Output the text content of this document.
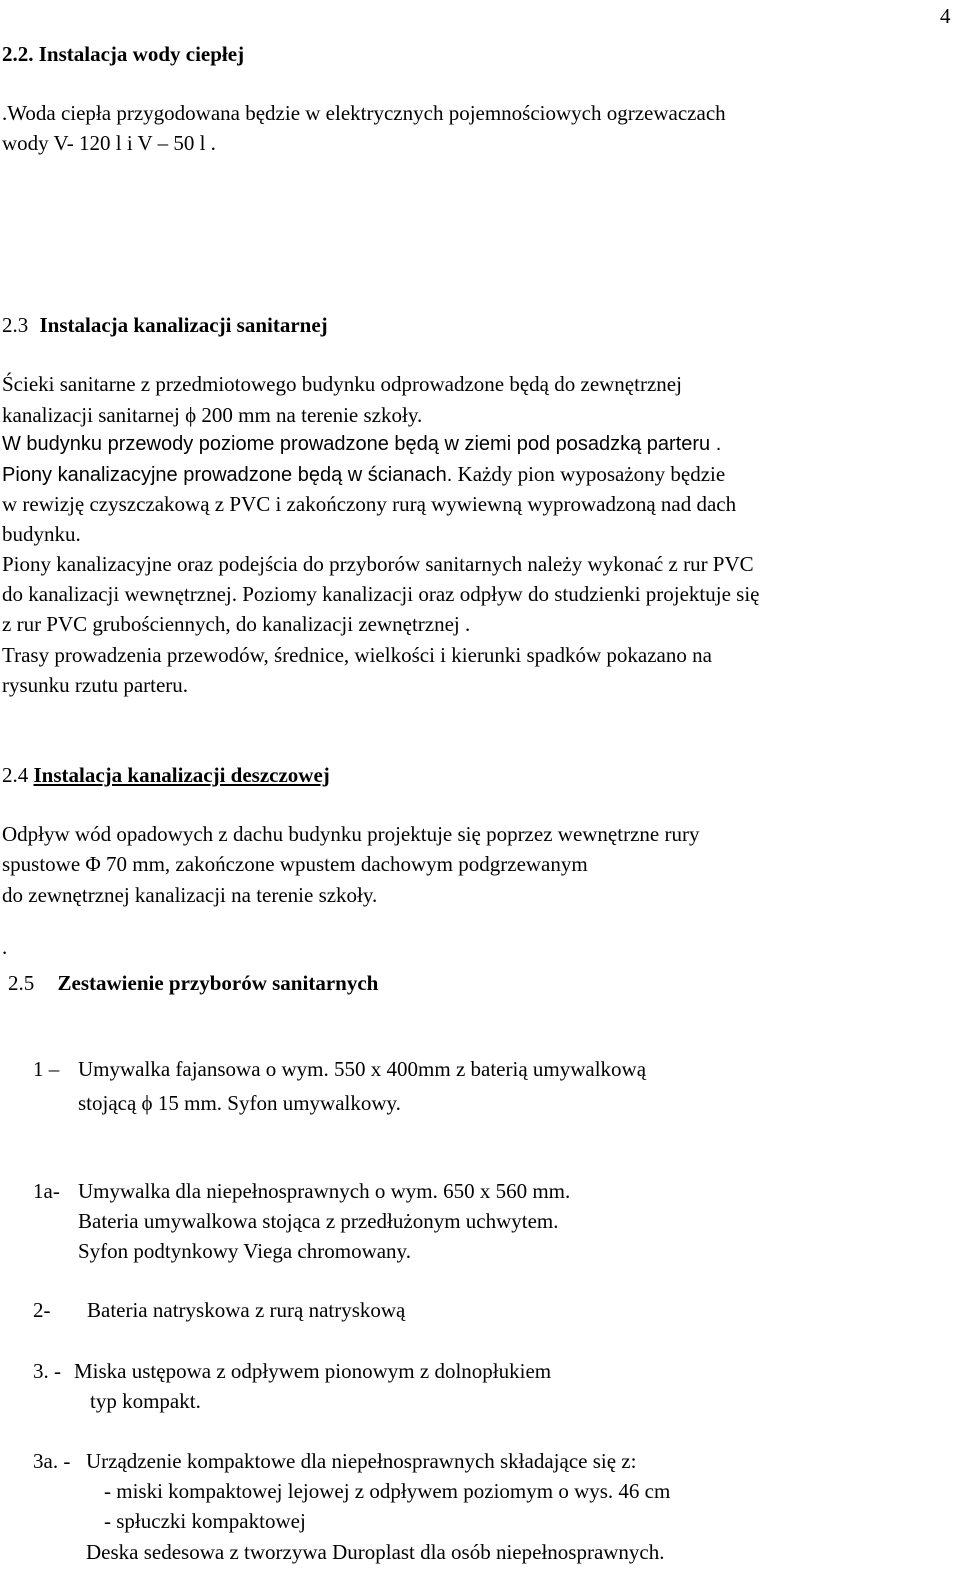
4
2.2. Instalacja wody ciepłej
.Woda ciepła przygodowana będzie w elektrycznych pojemnościowych ogrzewaczach
wody V- 120 l i V – 50 l .
2.3 Instalacja kanalizacji sanitarnej
Ścieki sanitarne z przedmiotowego budynku odprowadzone będą do zewnętrznej
kanalizacji sanitarnej ϕ 200 mm na terenie szkoły.
W budynku przewody poziome prowadzone będą w ziemi pod posadzką parteru .
Piony kanalizacyjne prowadzone będą w ścianach. Każdy pion wyposażony będzie
w rewizję czyszczakową z PVC i zakończony rurą wywiewną wyprowadzoną nad dach
budynku.
Piony kanalizacyjne oraz podejścia do przyborów sanitarnych należy wykonać z rur PVC
do kanalizacji wewnętrznej. Poziomy kanalizacji oraz odpływ do studzienki projektuje się
z rur PVC grubościennych, do kanalizacji zewnętrznej .
Trasy prowadzenia przewodów, średnice, wielkości i kierunki spadków pokazano na
rysunku rzutu parteru.
2.4 Instalacja kanalizacji deszczowej
Odpływ wód opadowych z dachu budynku projektuje się poprzez wewnętrzne rury
spustowe Φ 70 mm, zakończone wpustem dachowym podgrzewanym
do zewnętrznej kanalizacji na terenie szkoły.
.
2.5 Zestawienie przyborów sanitarnych
1 – Umywalka fajansowa o wym. 550 x 400mm z baterią umywalkową
stojącą ϕ 15 mm. Syfon umywalkowy.
1a- Umywalka dla niepełnosprawnych o wym. 650 x 560 mm.
Bateria umywalkowa stojąca z przedłużonym uchwytem.
Syfon podtynkowy Viega chromowany.
2- Bateria natryskowa z rurą natryskową
3. - Miska ustępowa z odpływem pionowym z dolnopłukiem
typ kompakt.
3a. - Urządzenie kompaktowe dla niepełnosprawnych składające się z:
- miski kompaktowej lejowej z odpływem poziomym o wys. 46 cm
- spłuczki kompaktowej
Deska sedesowa z tworzywa Duroplast dla osób niepełnosprawnych.
